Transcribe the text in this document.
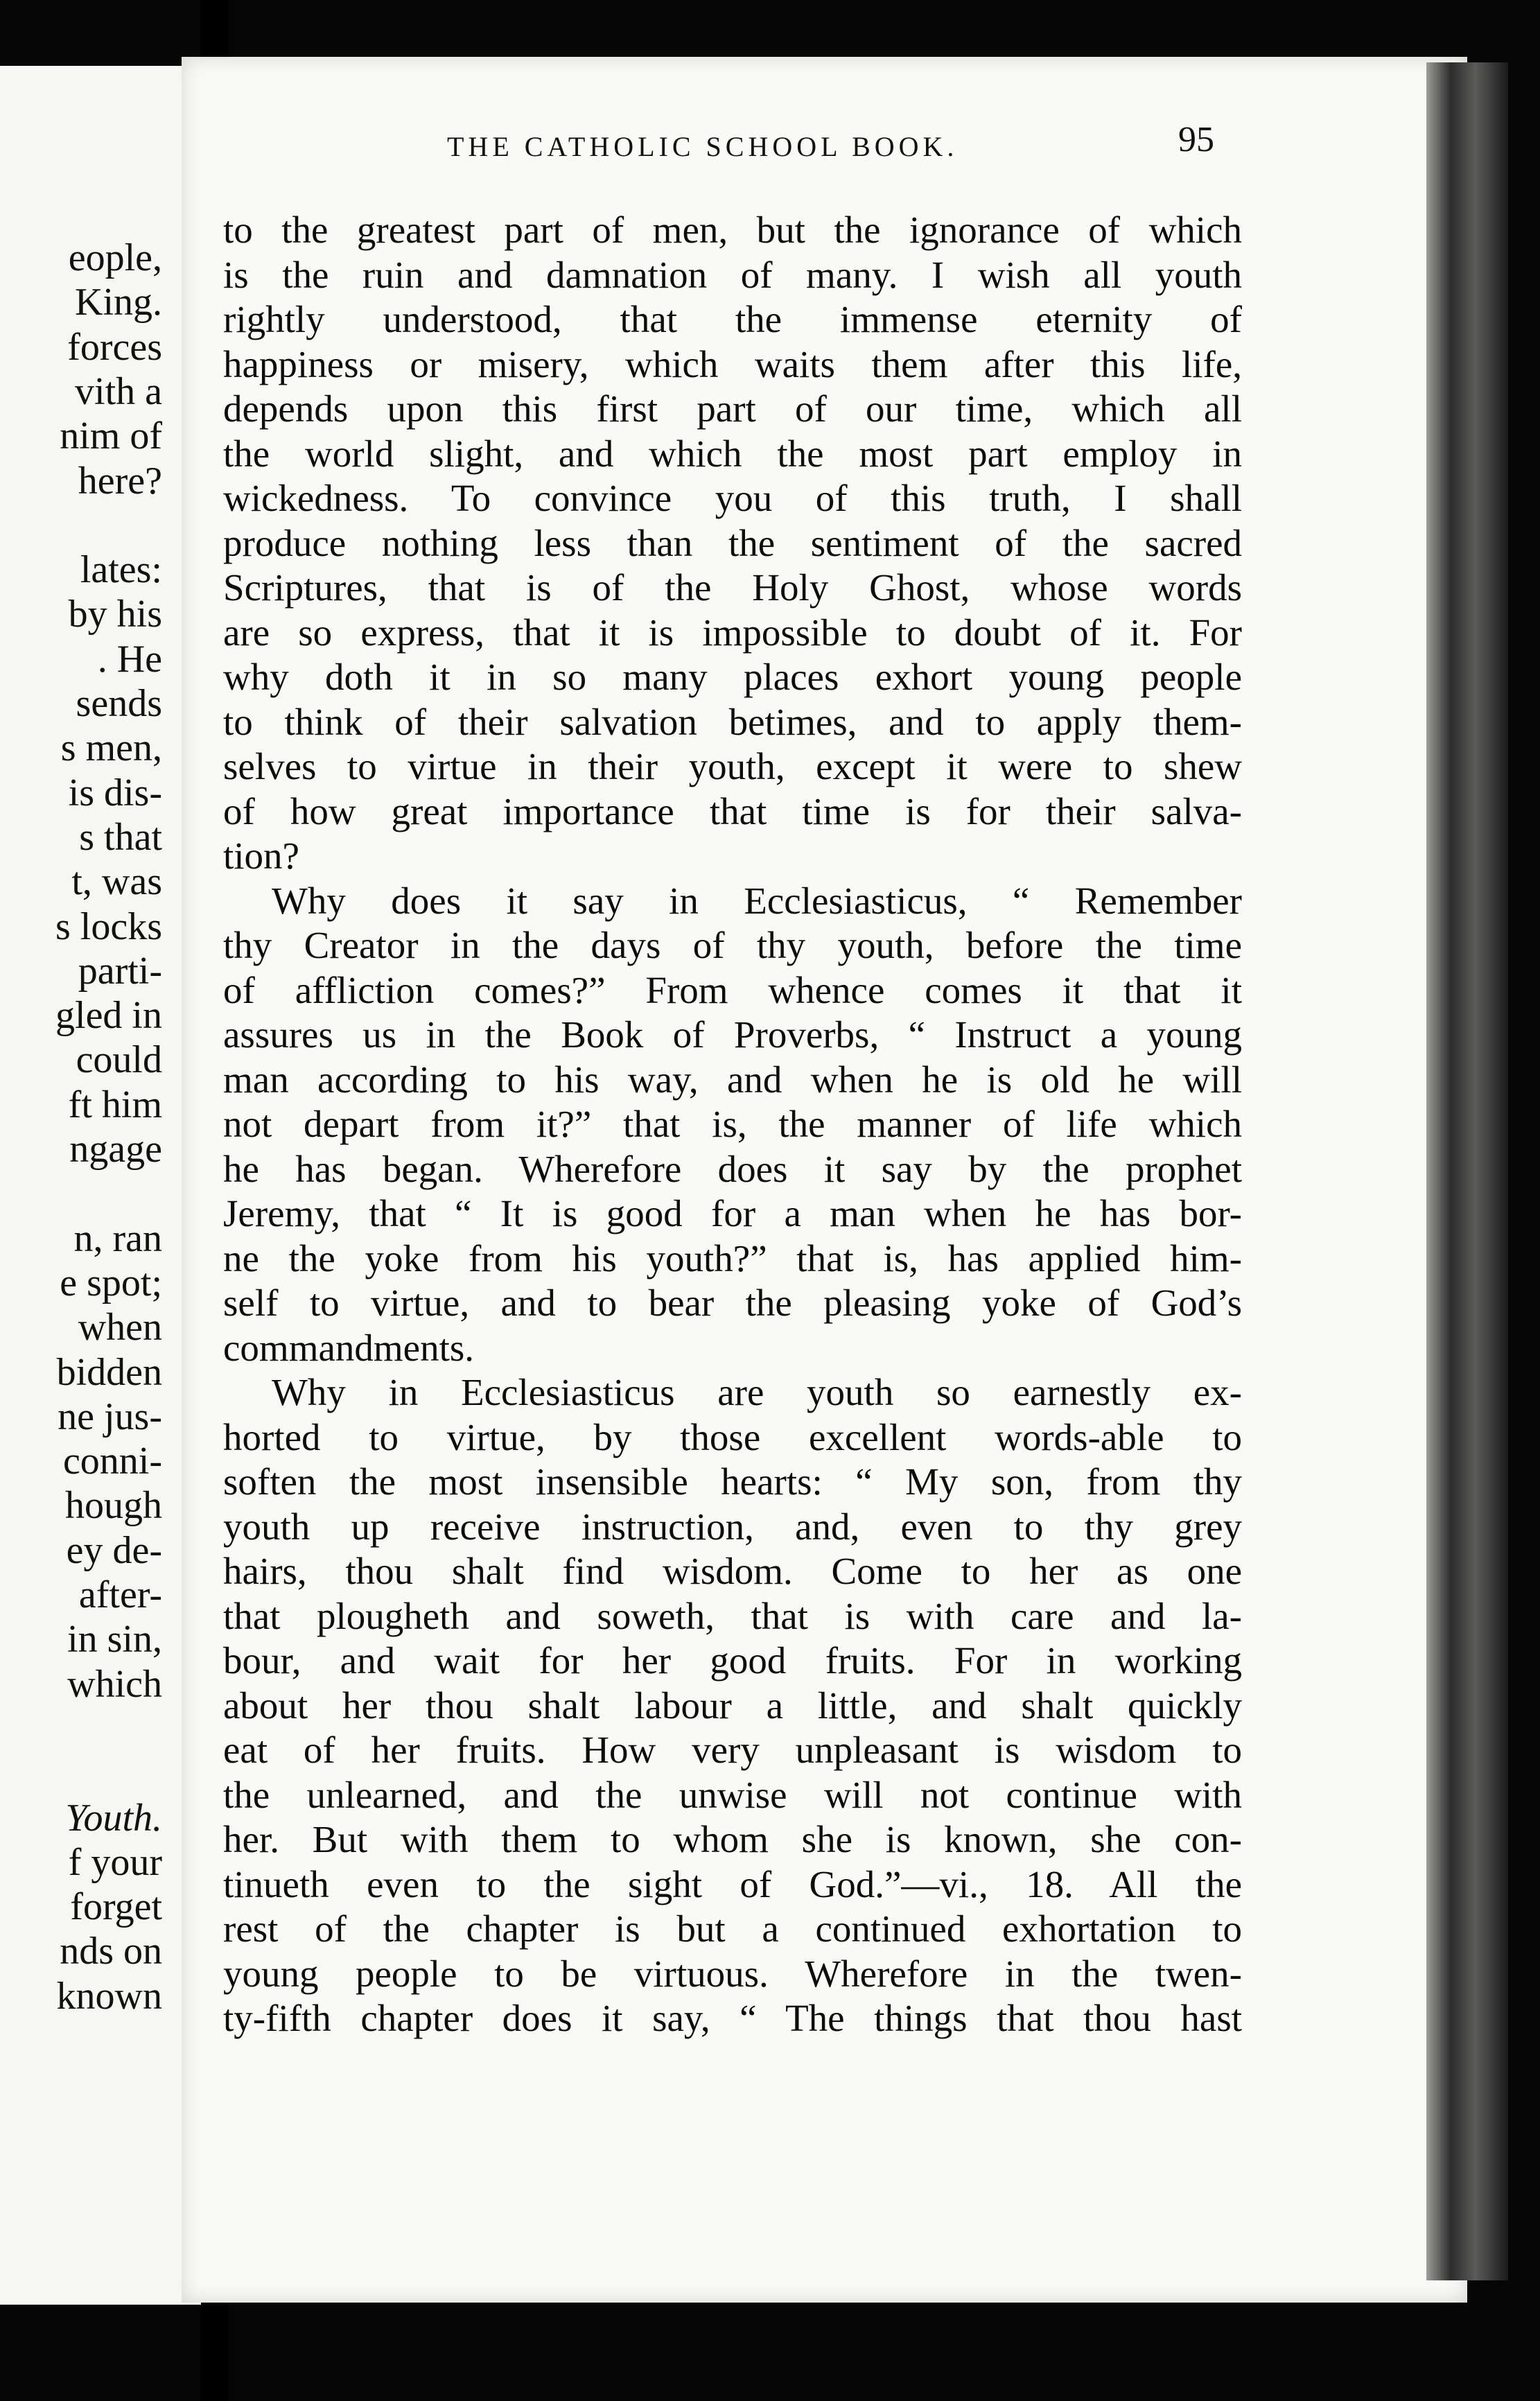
eople,
King.
forces
vith a
nim of
here?
lates:
by his
. He
sends
s men,
is dis-
s that
t, was
s locks
parti-
gled in
could
ft him
ngage
n, ran
e spot;
when
bidden
ne jus-
conni-
hough
ey de-
after-
in sin,
which
Youth.
f your
forget
nds on
known
THE CATHOLIC SCHOOL BOOK.	95
to the greatest part of men, but the ignorance of which
is the ruin and damnation of many. I wish all youth
rightly understood, that the immense eternity of
happiness or misery, which waits them after this life,
depends upon this first part of our time, which all
the world slight, and which the most part employ in
wickedness. To convince you of this truth, I shall
produce nothing less than the sentiment of the sacred
Scriptures, that is of the Holy Ghost, whose words
are so express, that it is impossible to doubt of it. For
why doth it in so many places exhort young people
to think of their salvation betimes, and to apply them-
selves to virtue in their youth, except it were to shew
of how great importance that time is for their salva-
tion?
Why does it say in Ecclesiasticus, “ Remember
thy Creator in the days of thy youth, before the time
of affliction comes?” From whence comes it that it
assures us in the Book of Proverbs, “ Instruct a young
man according to his way, and when he is old he will
not depart from it?” that is, the manner of life which
he has began. Wherefore does it say by the prophet
Jeremy, that “ It is good for a man when he has bor-
ne the yoke from his youth?” that is, has applied him-
self to virtue, and to bear the pleasing yoke of God’s
commandments.
Why in Ecclesiasticus are youth so earnestly ex-
horted to virtue, by those excellent words-able to
soften the most insensible hearts: “ My son, from thy
youth up receive instruction, and, even to thy grey
hairs, thou shalt find wisdom. Come to her as one
that plougheth and soweth, that is with care and la-
bour, and wait for her good fruits. For in working
about her thou shalt labour a little, and shalt quickly
eat of her fruits. How very unpleasant is wisdom to
the unlearned, and the unwise will not continue with
her. But with them to whom she is known, she con-
tinueth even to the sight of God.”—vi., 18. All the
rest of the chapter is but a continued exhortation to
young people to be virtuous. Wherefore in the twen-
ty-fifth chapter does it say, “ The things that thou hast
